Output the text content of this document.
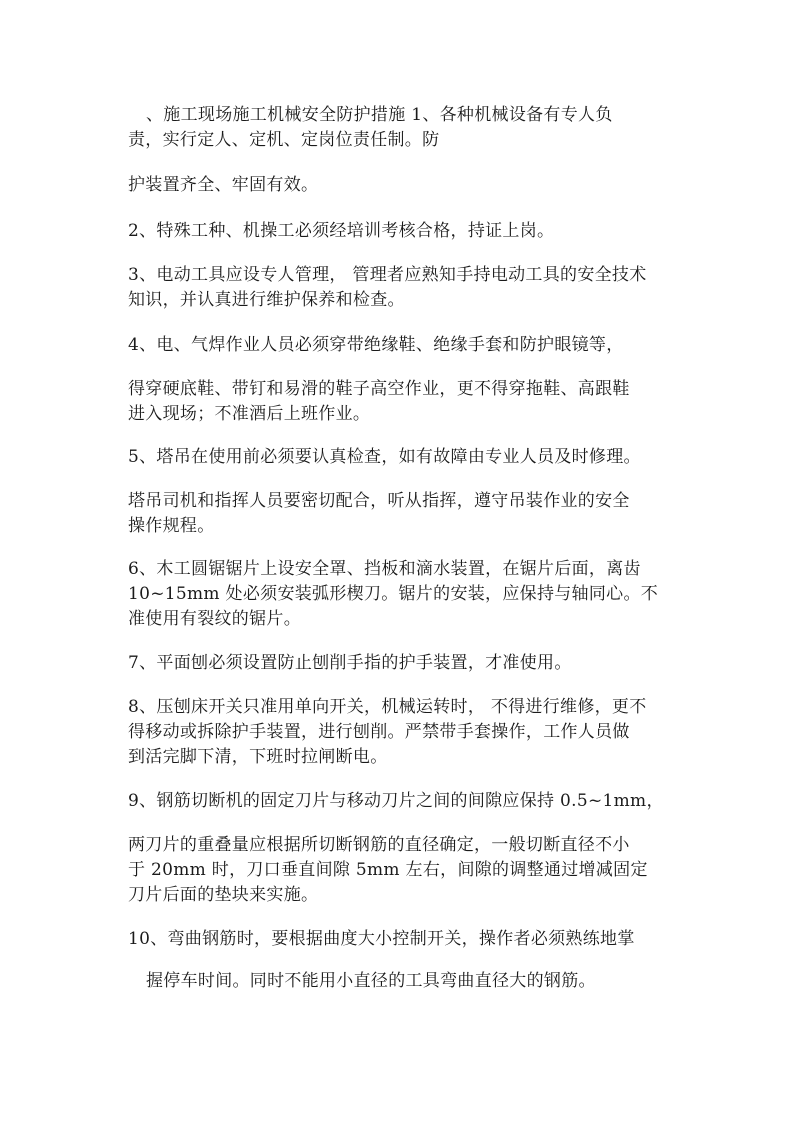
、施工现场施工机械安全防护措施 1、各种机械设备有专人负
责，实行定人、定机、定岗位责任制。防

护装置齐全、牢固有效。

2、特殊工种、机操工必须经培训考核合格，持证上岗。

3、电动工具应设专人管理， 管理者应熟知手持电动工具的安全技术
知识，并认真进行维护保养和检查。

4、电、气焊作业人员必须穿带绝缘鞋、绝缘手套和防护眼镜等，

得穿硬底鞋、带钉和易滑的鞋子高空作业，更不得穿拖鞋、高跟鞋
进入现场；不准酒后上班作业。

5、塔吊在使用前必须要认真检查，如有故障由专业人员及时修理。

塔吊司机和指挥人员要密切配合，听从指挥，遵守吊装作业的安全
操作规程。

6、木工圆锯锯片上设安全罩、挡板和滴水装置，在锯片后面，离齿
10~15mm 处必须安装弧形楔刀。锯片的安装，应保持与轴同心。不
准使用有裂纹的锯片。

7、平面刨必须设置防止刨削手指的护手装置，才准使用。

8、压刨床开关只准用单向开关，机械运转时， 不得进行维修，更不
得移动或拆除护手装置，进行刨削。严禁带手套操作，工作人员做
到活完脚下清，下班时拉闸断电。

9、钢筋切断机的固定刀片与移动刀片之间的间隙应保持 0.5~1mm，

两刀片的重叠量应根据所切断钢筋的直径确定，一般切断直径不小
于 20mm 时，刀口垂直间隙 5mm 左右，间隙的调整通过增减固定
刀片后面的垫块来实施。

10、弯曲钢筋时，要根据曲度大小控制开关，操作者必须熟练地掌

握停车时间。同时不能用小直径的工具弯曲直径大的钢筋。
